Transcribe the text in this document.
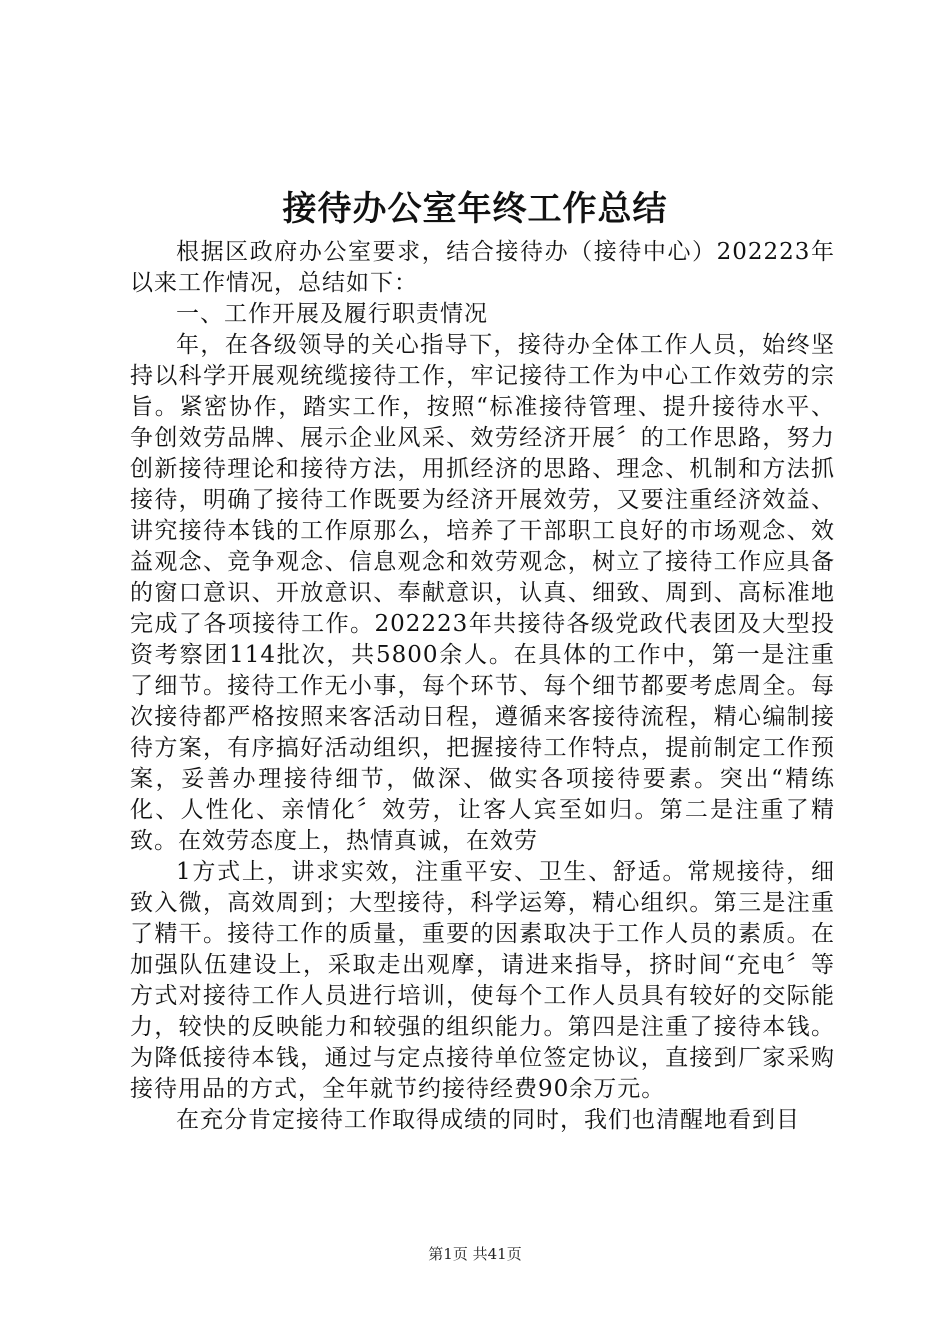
接待办公室年终工作总结

根据区政府办公室要求，结合接待办（接待中心）202223年以来工作情况，总结如下：

一、工作开展及履行职责情况

年，在各级领导的关心指导下，接待办全体工作人员，始终坚持以科学开展观统缆接待工作，牢记接待工作为中心工作效劳的宗旨。紧密协作，踏实工作，按照“标准接待管理、提升接待水平、争创效劳品牌、展示企业风采、效劳经济开展〞的工作思路，努力创新接待理论和接待方法，用抓经济的思路、理念、机制和方法抓接待，明确了接待工作既要为经济开展效劳，又要注重经济效益、讲究接待本钱的工作原那么，培养了干部职工良好的市场观念、效益观念、竞争观念、信息观念和效劳观念，树立了接待工作应具备的窗口意识、开放意识、奉献意识，认真、细致、周到、高标准地完成了各项接待工作。202223年共接待各级党政代表团及大型投资考察团114批次，共5800余人。在具体的工作中，第一是注重了细节。接待工作无小事，每个环节、每个细节都要考虑周全。每次接待都严格按照来客活动日程，遵循来客接待流程，精心编制接待方案，有序搞好活动组织，把握接待工作特点，提前制定工作预案，妥善办理接待细节，做深、做实各项接待要素。突出“精练化、人性化、亲情化〞效劳，让客人宾至如归。第二是注重了精致。在效劳态度上，热情真诚，在效劳

1方式上，讲求实效，注重平安、卫生、舒适。常规接待，细致入微，高效周到；大型接待，科学运筹，精心组织。第三是注重了精干。接待工作的质量，重要的因素取决于工作人员的素质。在加强队伍建设上，采取走出观摩，请进来指导，挤时间“充电〞等方式对接待工作人员进行培训，使每个工作人员具有较好的交际能力，较快的反映能力和较强的组织能力。第四是注重了接待本钱。为降低接待本钱，通过与定点接待单位签定协议，直接到厂家采购接待用品的方式，全年就节约接待经费90余万元。

在充分肯定接待工作取得成绩的同时，我们也清醒地看到目

第1页 共41页
